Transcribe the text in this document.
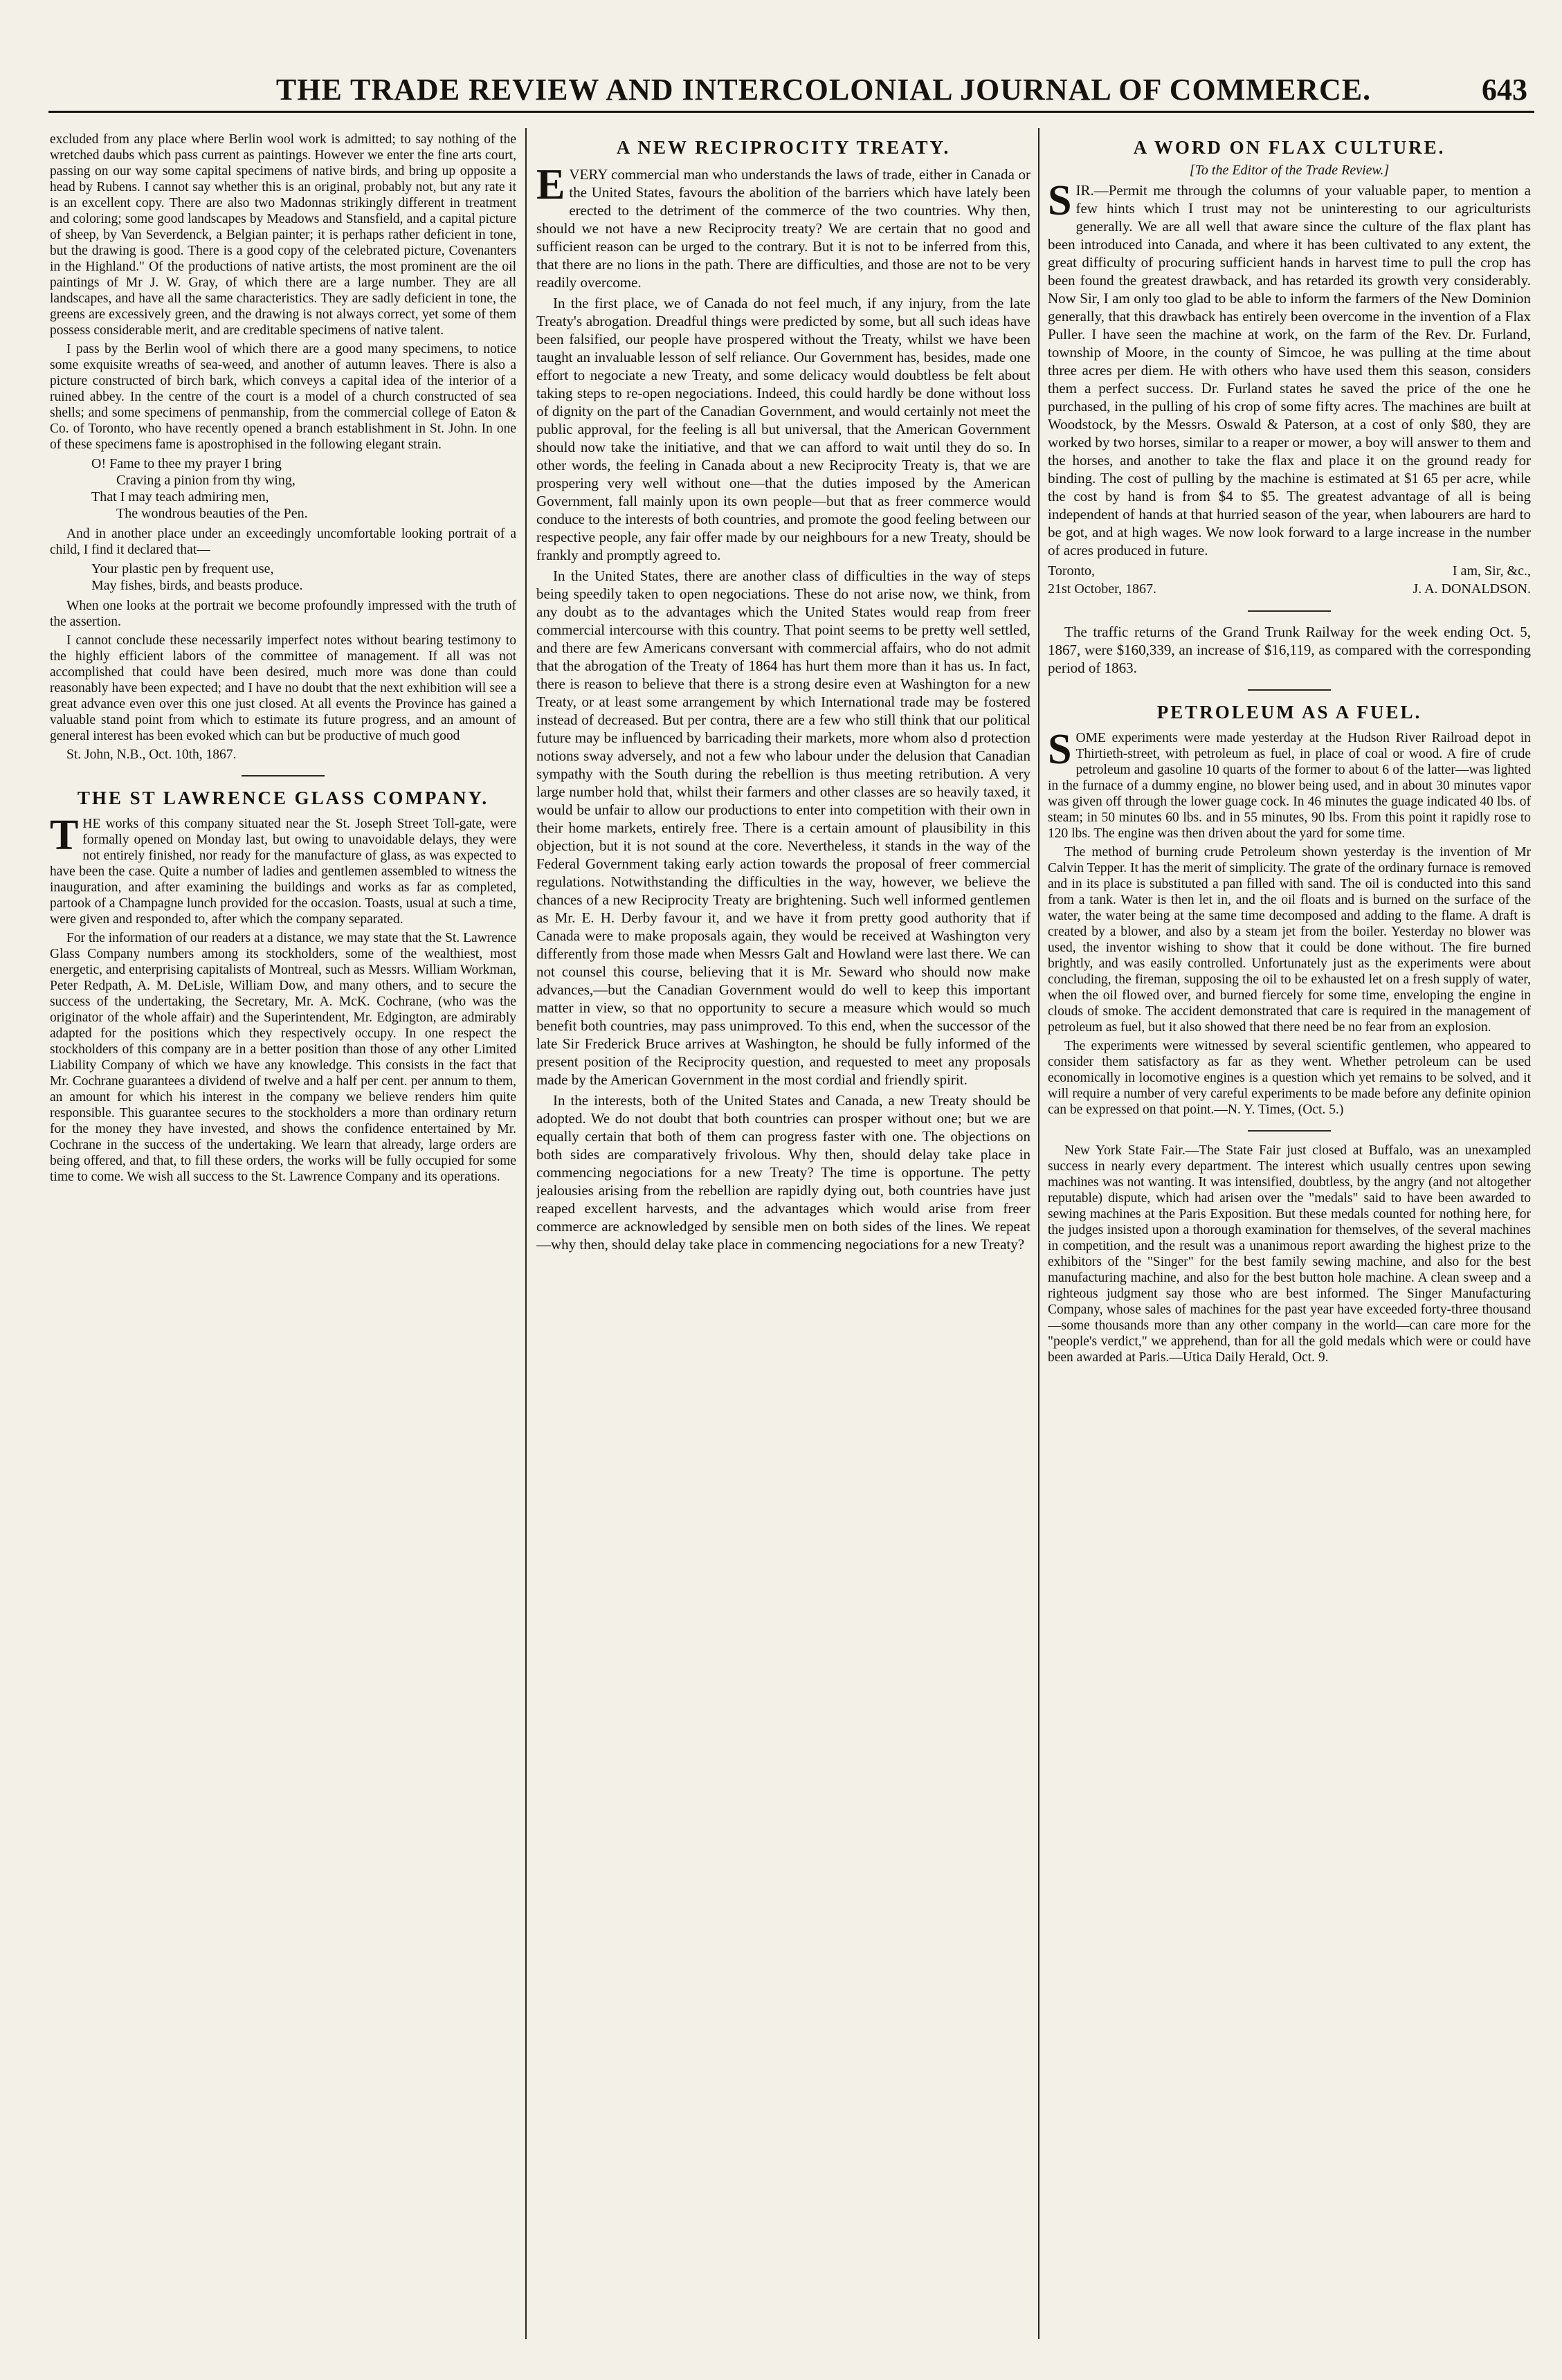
THE TRADE REVIEW AND INTERCOLONIAL JOURNAL OF COMMERCE.	643

excluded from any place where Berlin wool work is admitted; to say nothing of the wretched daubs which pass current as paintings. However we enter the fine arts court, passing on our way some capital specimens of native birds, and bring up opposite a head by Rubens. I cannot say whether this is an original, probably not, but any rate it is an excellent copy. There are also two Madonnas strikingly different in treatment and coloring; some good landscapes by Meadows and Stansfield, and a capital picture of sheep, by Van Severdenck, a Belgian painter; it is perhaps rather deficient in tone, but the drawing is good. There is a good copy of the celebrated picture, Covenanters in the Highland." Of the productions of native artists, the most prominent are the oil paintings of Mr J. W. Gray, of which there are a large number. They are all landscapes, and have all the same characteristics. They are sadly deficient in tone, the greens are excessively green, and the drawing is not always correct, yet some of them possess considerable merit, and are creditable specimens of native talent.

I pass by the Berlin wool of which there are a good many specimens, to notice some exquisite wreaths of sea-weed, and another of autumn leaves. There is also a picture constructed of birch bark, which conveys a capital idea of the interior of a ruined abbey. In the centre of the court is a model of a church constructed of sea shells; and some specimens of penmanship, from the commercial college of Eaton & Co. of Toronto, who have recently opened a branch establishment in St. John. In one of these specimens fame is apostrophised in the following elegant strain.

O! Fame to thee my prayer I bring
Craving a pinion from thy wing,
That I may teach admiring men,
The wondrous beauties of the Pen.

And in another place under an exceedingly uncomfortable looking portrait of a child, I find it declared that—

Your plastic pen by frequent use,
May fishes, birds, and beasts produce.

When one looks at the portrait we become profoundly impressed with the truth of the assertion.

I cannot conclude these necessarily imperfect notes without bearing testimony to the highly efficient labors of the committee of management. If all was not accomplished that could have been desired, much more was done than could reasonably have been expected; and I have no doubt that the next exhibition will see a great advance even over this one just closed. At all events the Province has gained a valuable stand point from which to estimate its future progress, and an amount of general interest has been evoked which can but be productive of much good

St. John, N.B., Oct. 10th, 1867.

THE ST LAWRENCE GLASS COMPANY.

THE works of this company situated near the St. Joseph Street Toll-gate, were formally opened on Monday last, but owing to unavoidable delays, they were not entirely finished, nor ready for the manufacture of glass, as was expected to have been the case. Quite a number of ladies and gentlemen assembled to witness the inauguration, and after examining the buildings and works as far as completed, partook of a Champagne lunch provided for the occasion. Toasts, usual at such a time, were given and responded to, after which the company separated.

For the information of our readers at a distance, we may state that the St. Lawrence Glass Company numbers among its stockholders, some of the wealthiest, most energetic, and enterprising capitalists of Montreal, such as Messrs. William Workman, Peter Redpath, A. M. DeLisle, William Dow, and many others, and to secure the success of the undertaking, the Secretary, Mr. A. McK. Cochrane, (who was the originator of the whole affair) and the Superintendent, Mr. Edgington, are admirably adapted for the positions which they respectively occupy. In one respect the stockholders of this company are in a better position than those of any other Limited Liability Company of which we have any knowledge. This consists in the fact that Mr. Cochrane guarantees a dividend of twelve and a half per cent. per annum to them, an amount for which his interest in the company we believe renders him quite responsible. This guarantee secures to the stockholders a more than ordinary return for the money they have invested, and shows the confidence entertained by Mr. Cochrane in the success of the undertaking. We learn that already, large orders are being offered, and that, to fill these orders, the works will be fully occupied for some time to come. We wish all success to the St. Lawrence Company and its operations.

A NEW RECIPROCITY TREATY.

EVERY commercial man who understands the laws of trade, either in Canada or the United States, favours the abolition of the barriers which have lately been erected to the detriment of the commerce of the two countries. Why then, should we not have a new Reciprocity treaty? We are certain that no good and sufficient reason can be urged to the contrary. But it is not to be inferred from this, that there are no lions in the path. There are difficulties, and those are not to be very readily overcome.

In the first place, we of Canada do not feel much, if any injury, from the late Treaty's abrogation. Dreadful things were predicted by some, but all such ideas have been falsified, our people have prospered without the Treaty, whilst we have been taught an invaluable lesson of self reliance. Our Government has, besides, made one effort to negociate a new Treaty, and some delicacy would doubtless be felt about taking steps to re-open negociations. Indeed, this could hardly be done without loss of dignity on the part of the Canadian Government, and would certainly not meet the public approval, for the feeling is all but universal, that the American Government should now take the initiative, and that we can afford to wait until they do so. In other words, the feeling in Canada about a new Reciprocity Treaty is, that we are prospering very well without one—that the duties imposed by the American Government, fall mainly upon its own people—but that as freer commerce would conduce to the interests of both countries, and promote the good feeling between our respective people, any fair offer made by our neighbours for a new Treaty, should be frankly and promptly agreed to.

In the United States, there are another class of difficulties in the way of steps being speedily taken to open negociations. These do not arise now, we think, from any doubt as to the advantages which the United States would reap from freer commercial intercourse with this country. That point seems to be pretty well settled, and there are few Americans conversant with commercial affairs, who do not admit that the abrogation of the Treaty of 1864 has hurt them more than it has us. In fact, there is reason to believe that there is a strong desire even at Washington for a new Treaty, or at least some arrangement by which International trade may be fostered instead of decreased. But per contra, there are a few who still think that our political future may be influenced by barricading their markets, more whom also d protection notions sway adversely, and not a few who labour under the delusion that Canadian sympathy with the South during the rebellion is thus meeting retribution. A very large number hold that, whilst their farmers and other classes are so heavily taxed, it would be unfair to allow our productions to enter into competition with their own in their home markets, entirely free. There is a certain amount of plausibility in this objection, but it is not sound at the core. Nevertheless, it stands in the way of the Federal Government taking early action towards the proposal of freer commercial regulations. Notwithstanding the difficulties in the way, however, we believe the chances of a new Reciprocity Treaty are brightening. Such well informed gentlemen as Mr. E. H. Derby favour it, and we have it from pretty good authority that if Canada were to make proposals again, they would be received at Washington very differently from those made when Messrs Galt and Howland were last there. We can not counsel this course, believing that it is Mr. Seward who should now make advances,—but the Canadian Government would do well to keep this important matter in view, so that no opportunity to secure a measure which would so much benefit both countries, may pass unimproved. To this end, when the successor of the late Sir Frederick Bruce arrives at Washington, he should be fully informed of the present position of the Reciprocity question, and requested to meet any proposals made by the American Government in the most cordial and friendly spirit.

In the interests, both of the United States and Canada, a new Treaty should be adopted. We do not doubt that both countries can prosper without one; but we are equally certain that both of them can progress faster with one. The objections on both sides are comparatively frivolous. Why then, should delay take place in commencing negociations for a new Treaty? The time is opportune. The petty jealousies arising from the rebellion are rapidly dying out, both countries have just reaped excellent harvests, and the advantages which would arise from freer commerce are acknowledged by sensible men on both sides of the lines. We repeat—why then, should delay take place in commencing negociations for a new Treaty?

A WORD ON FLAX CULTURE.
[To the Editor of the Trade Review.]

SIR.—Permit me through the columns of your valuable paper, to mention a few hints which I trust may not be uninteresting to our agriculturists generally. We are all well that aware since the culture of the flax plant has been introduced into Canada, and where it has been cultivated to any extent, the great difficulty of procuring sufficient hands in harvest time to pull the crop has been found the greatest drawback, and has retarded its growth very considerably. Now Sir, I am only too glad to be able to inform the farmers of the New Dominion generally, that this drawback has entirely been overcome in the invention of a Flax Puller. I have seen the machine at work, on the farm of the Rev. Dr. Furland, township of Moore, in the county of Simcoe, he was pulling at the time about three acres per diem. He with others who have used them this season, considers them a perfect success. Dr. Furland states he saved the price of the one he purchased, in the pulling of his crop of some fifty acres. The machines are built at Woodstock, by the Messrs. Oswald & Paterson, at a cost of only $80, they are worked by two horses, similar to a reaper or mower, a boy will answer to them and the horses, and another to take the flax and place it on the ground ready for binding. The cost of pulling by the machine is estimated at $1 65 per acre, while the cost by hand is from $4 to $5. The greatest advantage of all is being independent of hands at that hurried season of the year, when labourers are hard to be got, and at high wages. We now look forward to a large increase in the number of acres produced in future.

Toronto,	I am, Sir, &c.,
21st October, 1867.	J. A. DONALDSON.

The traffic returns of the Grand Trunk Railway for the week ending Oct. 5, 1867, were $160,339, an increase of $16,119, as compared with the corresponding period of 1863.

PETROLEUM AS A FUEL.

SOME experiments were made yesterday at the Hudson River Railroad depot in Thirtieth-street, with petroleum as fuel, in place of coal or wood. A fire of crude petroleum and gasoline 10 quarts of the former to about 6 of the latter—was lighted in the furnace of a dummy engine, no blower being used, and in about 30 minutes vapor was given off through the lower guage cock. In 46 minutes the guage indicated 40 lbs. of steam; in 50 minutes 60 lbs. and in 55 minutes, 90 lbs. From this point it rapidly rose to 120 lbs. The engine was then driven about the yard for some time.

The method of burning crude Petroleum shown yesterday is the invention of Mr Calvin Tepper. It has the merit of simplicity. The grate of the ordinary furnace is removed and in its place is substituted a pan filled with sand. The oil is conducted into this sand from a tank. Water is then let in, and the oil floats and is burned on the surface of the water, the water being at the same time decomposed and adding to the flame. A draft is created by a blower, and also by a steam jet from the boiler. Yesterday no blower was used, the inventor wishing to show that it could be done without. The fire burned brightly, and was easily controlled. Unfortunately just as the experiments were about concluding, the fireman, supposing the oil to be exhausted let on a fresh supply of water, when the oil flowed over, and burned fiercely for some time, enveloping the engine in clouds of smoke. The accident demonstrated that care is required in the management of petroleum as fuel, but it also showed that there need be no fear from an explosion.

The experiments were witnessed by several scientific gentlemen, who appeared to consider them satisfactory as far as they went. Whether petroleum can be used economically in locomotive engines is a question which yet remains to be solved, and it will require a number of very careful experiments to be made before any definite opinion can be expressed on that point.—N. Y. Times, (Oct. 5.)

New York State Fair.—The State Fair just closed at Buffalo, was an unexampled success in nearly every department. The interest which usually centres upon sewing machines was not wanting. It was intensified, doubtless, by the angry (and not altogether reputable) dispute, which had arisen over the "medals" said to have been awarded to sewing machines at the Paris Exposition. But these medals counted for nothing here, for the judges insisted upon a thorough examination for themselves, of the several machines in competition, and the result was a unanimous report awarding the highest prize to the exhibitors of the "Singer" for the best family sewing machine, and also for the best manufacturing machine, and also for the best button hole machine. A clean sweep and a righteous judgment say those who are best informed. The Singer Manufacturing Company, whose sales of machines for the past year have exceeded forty-three thousand—some thousands more than any other company in the world—can care more for the "people's verdict," we apprehend, than for all the gold medals which were or could have been awarded at Paris.—Utica Daily Herald, Oct. 9.
